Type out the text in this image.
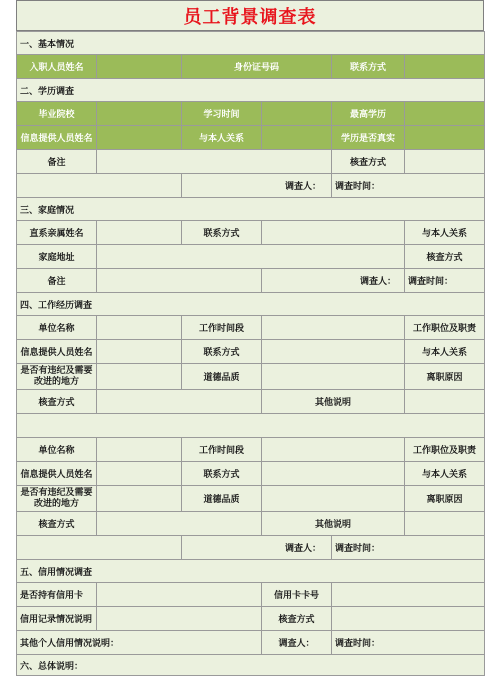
员工背景调查表
一、基本情况					
入职人员姓名		身份证号码		联系方式	
二、学历调查					
毕业院校		学习时间		最高学历	
信息提供人员姓名		与本人关系		学历是否真实	
备注				核查方式	
		调查人：		调查时间：	
三、家庭情况					
直系亲属姓名		联系方式			与本人关系
家庭地址					核查方式
备注			调查人：		调查时间：
四、工作经历调查					
单位名称		工作时间段			工作职位及职责
信息提供人员姓名		联系方式			与本人关系
是否有违纪及需要改进的地方		道德品质			离职原因
核查方式			其他说明		

单位名称		工作时间段			工作职位及职责
信息提供人员姓名		联系方式			与本人关系
是否有违纪及需要改进的地方		道德品质			离职原因
核查方式			其他说明		
		调查人：		调查时间：	
五、信用情况调查					
是否持有信用卡			信用卡卡号		
信用记录情况说明			核查方式		
其他个人信用情况说明：			调查人：	调查时间：	
六、总体说明：					
